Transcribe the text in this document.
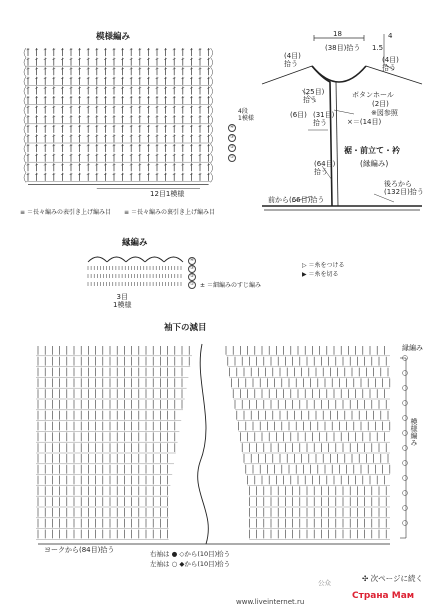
模様編み
④
③
②
①
4段
1模様
12目1模様
≡ ＝長々編みの表引き上げ編み目 ≡ ＝長々編みの裏引き上げ編み目
18	4
1.5
(38目)拾う
(4目)
拾う	(4目)
拾う
(25目)
拾う
ボタンホール
(2目)
※図参照
(6目) (31目)
拾う	×＝(14目)
(64目)
拾う
裾・前立て・衿
(縁編み)
前から(66目)拾う
後ろから
(132目)拾う
縁編み
④
③
②
①
3目
1模様
± ＝細編みのすじ編み
▷ ＝糸をつける
▶ ＝糸を切る
袖下の減目
縁編み
模様編み
ヨークから(84目)拾う	右袖は ● ◇から(10目)拾う
左袖は ○ ◆から(10目)拾う
✣ 次ページに続く
公众
www.liveinternet.ru
Страна Мам
